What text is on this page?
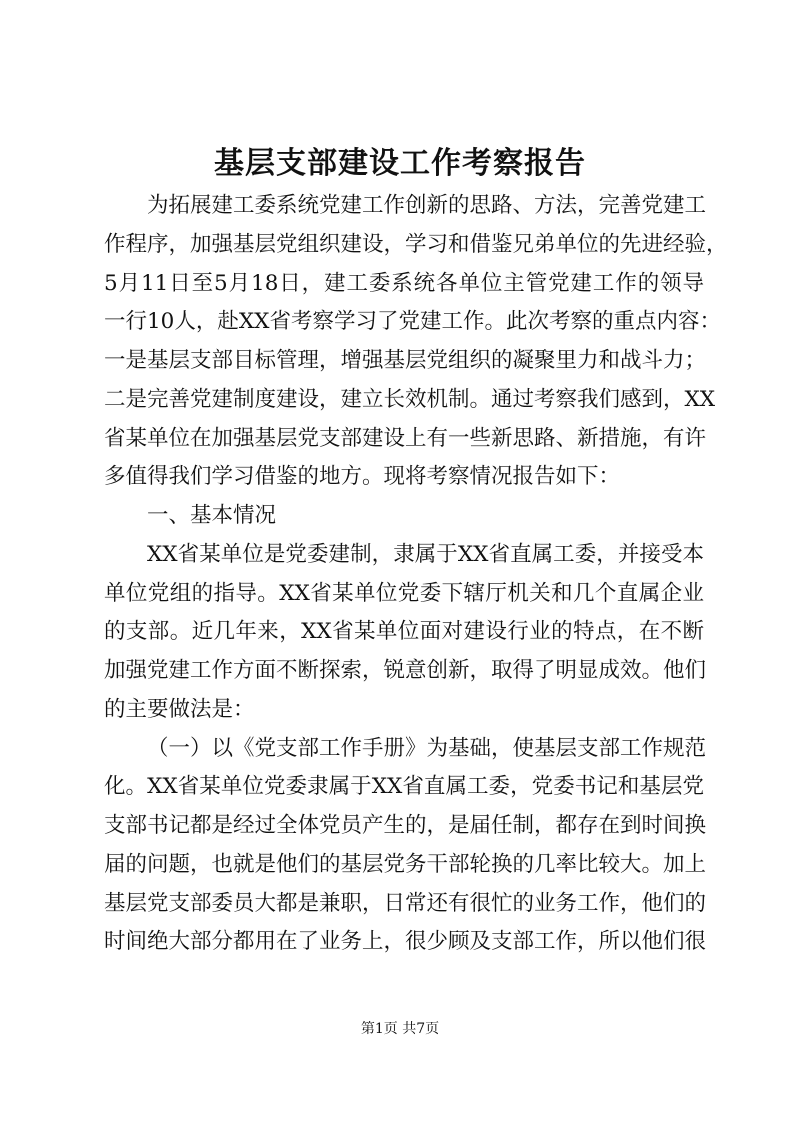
基层支部建设工作考察报告
为拓展建工委系统党建工作创新的思路、方法，完善党建工
作程序，加强基层党组织建设，学习和借鉴兄弟单位的先进经验，
5月11日至5月18日，建工委系统各单位主管党建工作的领导
一行10人，赴XX省考察学习了党建工作。此次考察的重点内容：
一是基层支部目标管理，增强基层党组织的凝聚里力和战斗力；
二是完善党建制度建设，建立长效机制。通过考察我们感到，XX
省某单位在加强基层党支部建设上有一些新思路、新措施，有许
多值得我们学习借鉴的地方。现将考察情况报告如下：
一、基本情况
XX省某单位是党委建制，隶属于XX省直属工委，并接受本
单位党组的指导。XX省某单位党委下辖厅机关和几个直属企业
的支部。近几年来，XX省某单位面对建设行业的特点，在不断
加强党建工作方面不断探索，锐意创新，取得了明显成效。他们
的主要做法是：
（一）以《党支部工作手册》为基础，使基层支部工作规范
化。XX省某单位党委隶属于XX省直属工委，党委书记和基层党
支部书记都是经过全体党员产生的，是届任制，都存在到时间换
届的问题，也就是他们的基层党务干部轮换的几率比较大。加上
基层党支部委员大都是兼职，日常还有很忙的业务工作，他们的
时间绝大部分都用在了业务上，很少顾及支部工作，所以他们很
第1页 共7页
